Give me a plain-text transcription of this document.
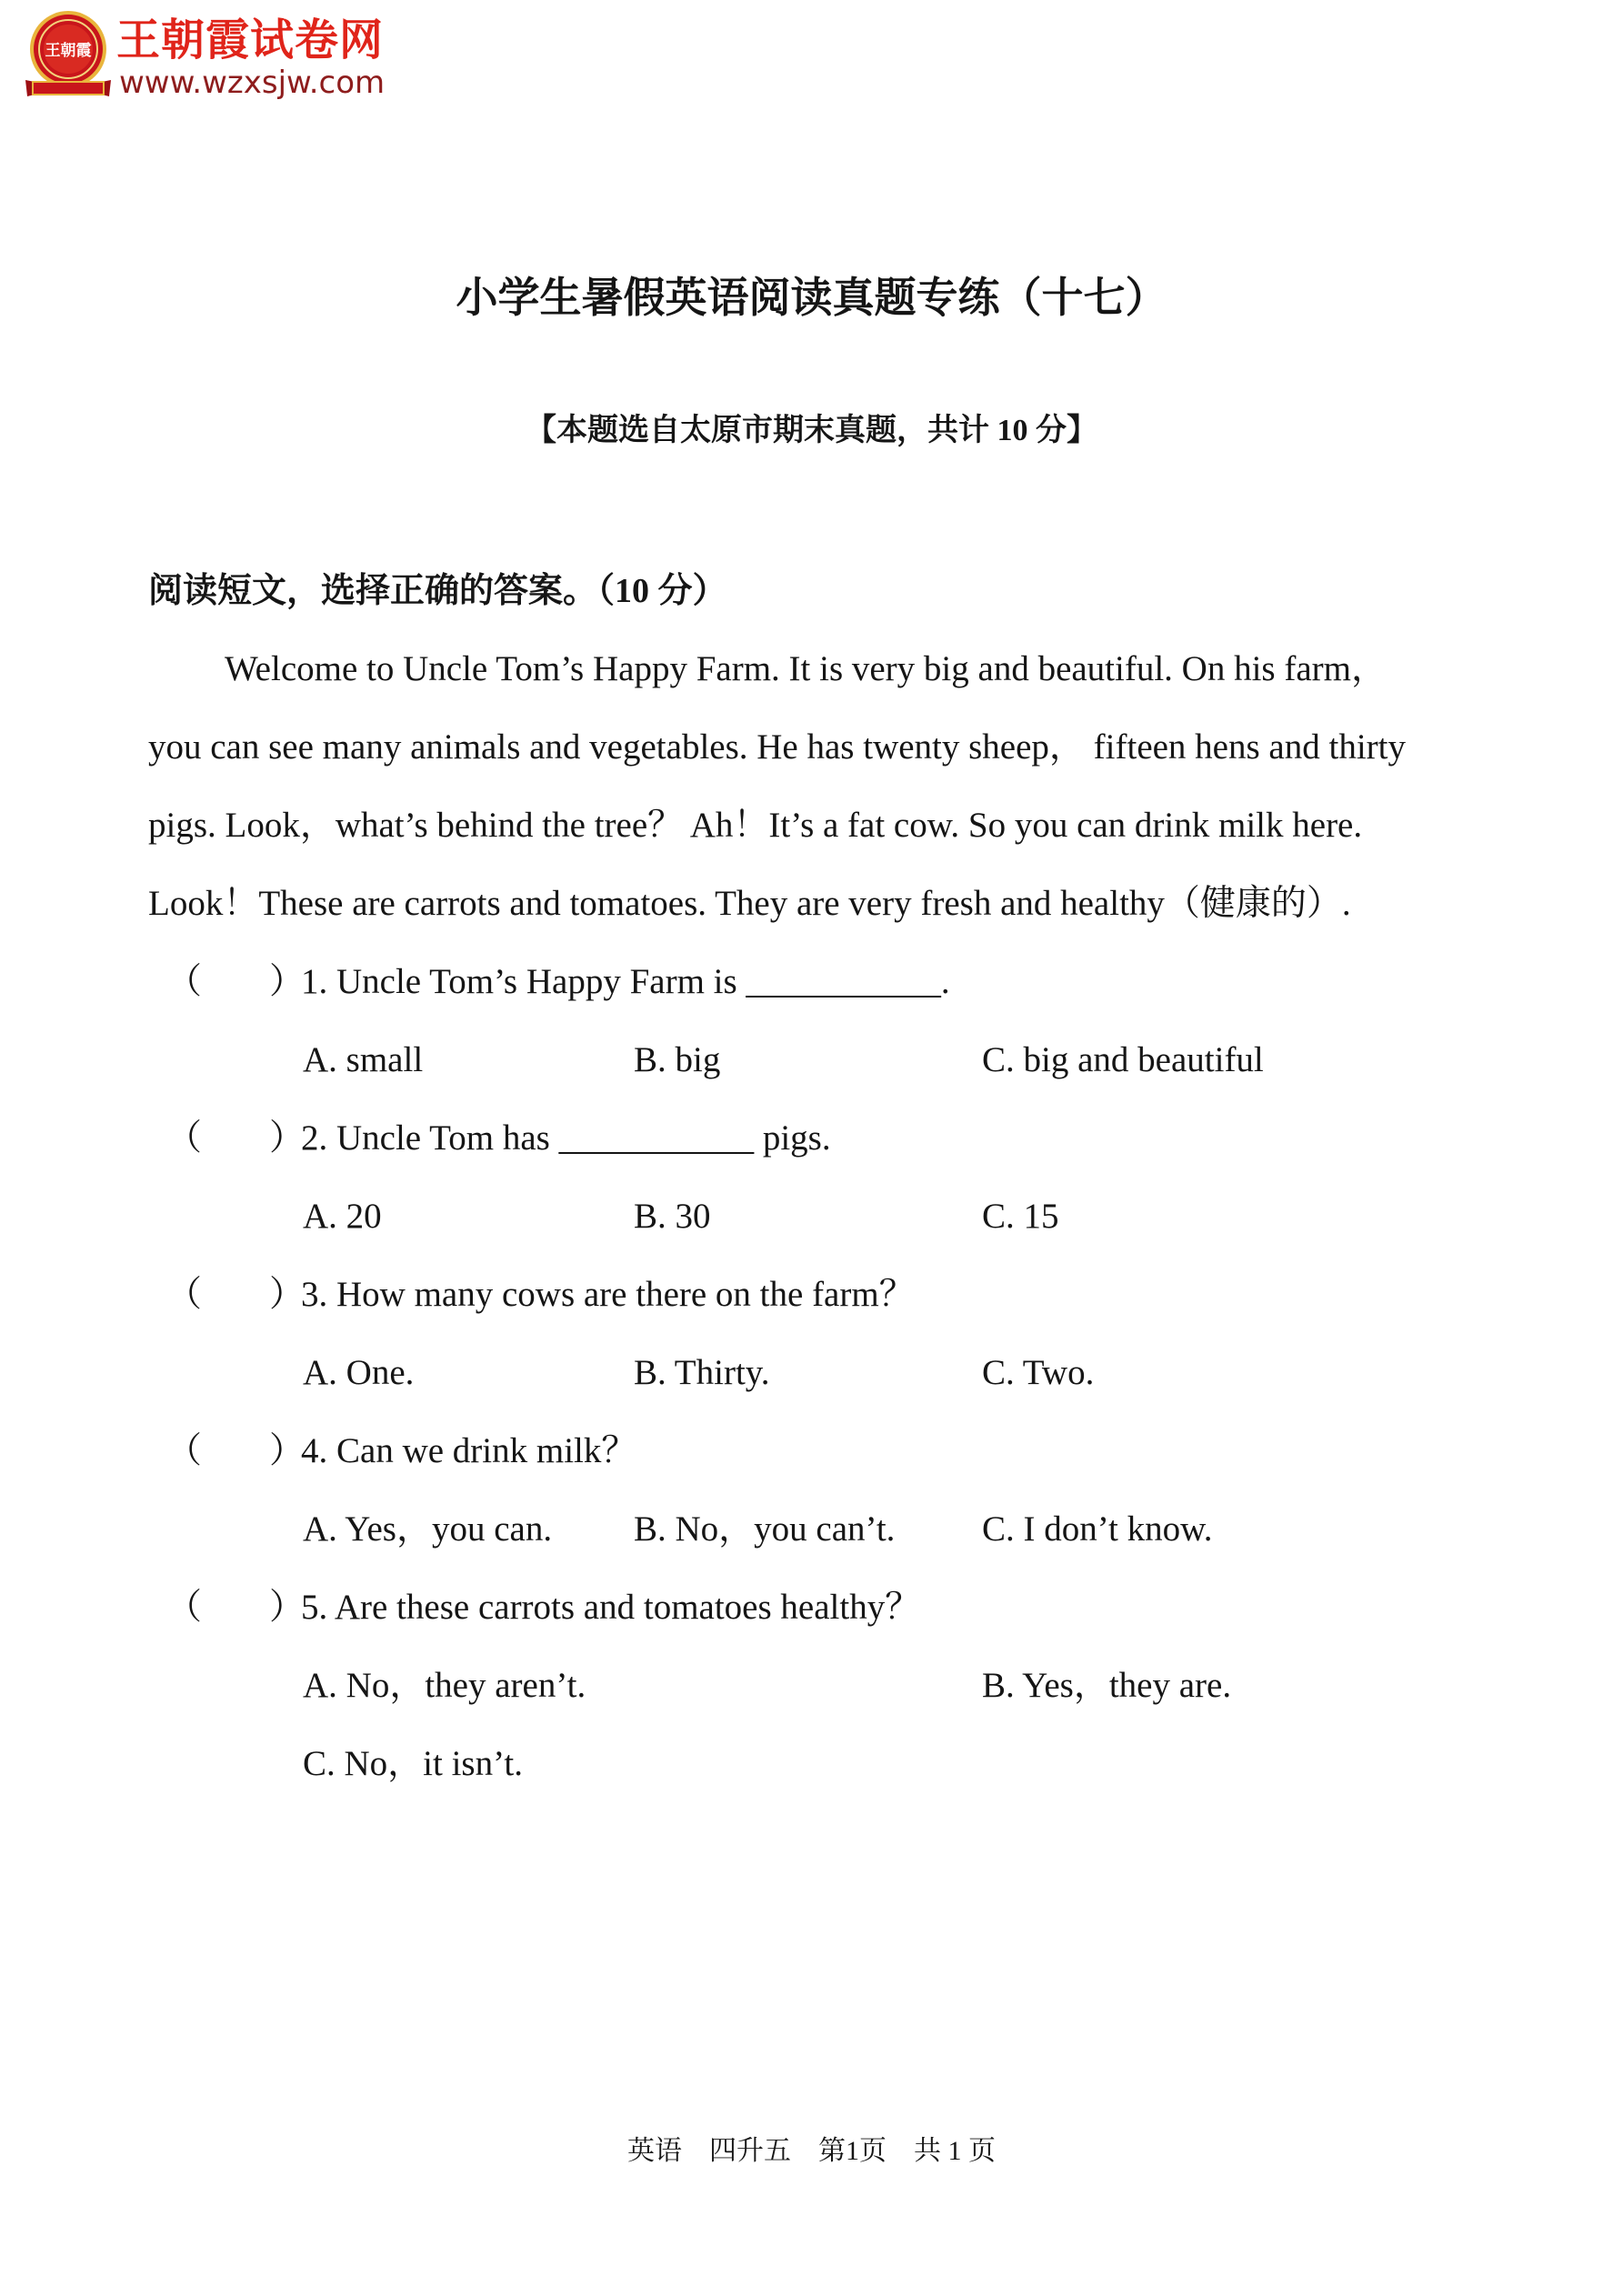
王朝霞 王朝霞试卷网
www.wzxsjw.com
小学生暑假英语阅读真题专练（十七）
【本题选自太原市期末真题，共计 10 分】
阅读短文，选择正确的答案。（10 分）
Welcome to Uncle Tom’s Happy Farm. It is very big and beautiful. On his farm，
you can see many animals and vegetables. He has twenty sheep， fifteen hens and thirty
pigs. Look，what’s behind the tree？ Ah！It’s a fat cow. So you can drink milk here.
Look！These are carrots and tomatoes. They are very fresh and healthy（健康的）.
（ ）
1. Uncle Tom’s Happy Farm is ___________.
A. small	B. big	C. big and beautiful
（ ）
2. Uncle Tom has ___________ pigs.
A. 20	B. 30	C. 15
（ ）
3. How many cows are there on the farm？
A. One.	B. Thirty.	C. Two.
（ ）
4. Can we drink milk？
A. Yes，you can. B. No，you can’t. C. I don’t know.
（ ）
5. Are these carrots and tomatoes healthy？
A. No，they aren’t.	B. Yes，they are.
C. No，it isn’t.
英语　四升五　第1页　共 1 页
